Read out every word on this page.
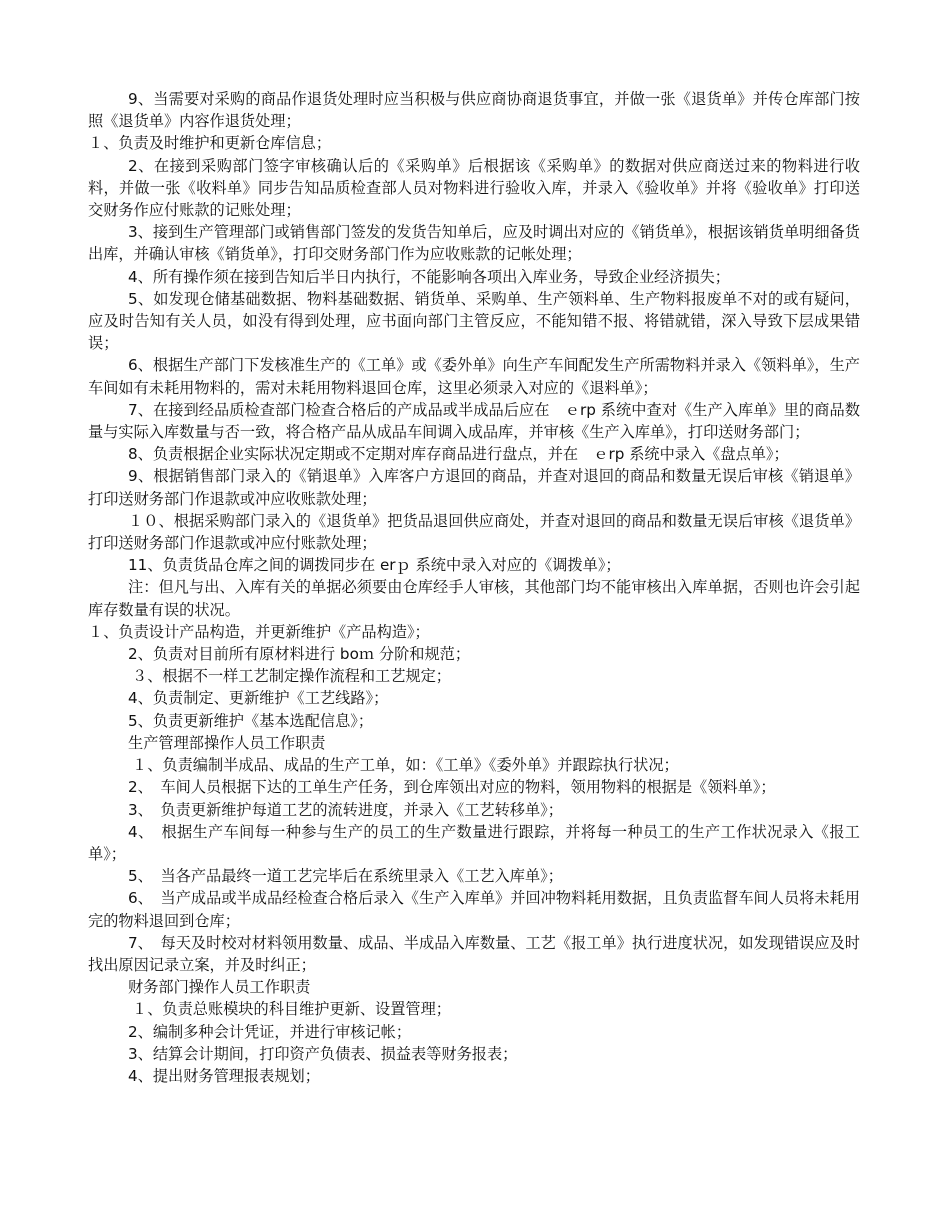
9、当需要对采购的商品作退货处理时应当积极与供应商协商退货事宜，并做一张《退货单》并传仓库部门按照《退货单》内容作退货处理；

１、负责及时维护和更新仓库信息；

2、在接到采购部门签字审核确认后的《采购单》后根据该《采购单》的数据对供应商送过来的物料进行收料，并做一张《收料单》同步告知品质检查部人员对物料进行验收入库，并录入《验收单》并将《验收单》打印送交财务作应付账款的记账处理；

3、接到生产管理部门或销售部门签发的发货告知单后，应及时调出对应的《销货单》，根据该销货单明细备货出库，并确认审核《销货单》，打印交财务部门作为应收账款的记帐处理；

4、所有操作须在接到告知后半日内执行，不能影响各项出入库业务，导致企业经济损失；

5、如发现仓储基础数据、物料基础数据、销货单、采购单、生产领料单、生产物料报废单不对的或有疑问，应及时告知有关人员，如没有得到处理，应书面向部门主管反应，不能知错不报、将错就错，深入导致下层成果错误；

6、根据生产部门下发核准生产的《工单》或《委外单》向生产车间配发生产所需物料并录入《领料单》，生产车间如有未耗用物料的，需对未耗用物料退回仓库，这里必须录入对应的《退料单》；

7、在接到经品质检查部门检查合格后的产成品或半成品后应在　ｅrp 系统中查对《生产入库单》里的商品数量与实际入库数量与否一致，将合格产品从成品车间调入成品库，并审核《生产入库单》，打印送财务部门；

8、负责根据企业实际状况定期或不定期对库存商品进行盘点，并在　ｅrp 系统中录入《盘点单》；

9、根据销售部门录入的《销退单》入库客户方退回的商品，并查对退回的商品和数量无误后审核《销退单》打印送财务部门作退款或冲应收账款处理；

１０、根据采购部门录入的《退货单》把货品退回供应商处，并查对退回的商品和数量无误后审核《退货单》打印送财务部门作退款或冲应付账款处理；

11、负责货品仓库之间的调拨同步在 erｐ 系统中录入对应的《调拨单》；

注：但凡与出、入库有关的单据必须要由仓库经手人审核，其他部门均不能审核出入库单据，否则也许会引起库存数量有误的状况。

１、负责设计产品构造，并更新维护《产品构造》；

2、负责对目前所有原材料进行 boｍ 分阶和规范；

３、根据不一样工艺制定操作流程和工艺规定；

4、负责制定、更新维护《工艺线路》；

5、负责更新维护《基本选配信息》；

生产管理部操作人员工作职责

１、负责编制半成品、成品的生产工单，如：《工单》《委外单》并跟踪执行状况；

2、　车间人员根据下达的工单生产任务，到仓库领出对应的物料，领用物料的根据是《领料单》；

3、　负责更新维护每道工艺的流转进度，并录入《工艺转移单》；

4、　根据生产车间每一种参与生产的员工的生产数量进行跟踪，并将每一种员工的生产工作状况录入《报工单》；

5、　当各产品最终一道工艺完毕后在系统里录入《工艺入库单》；

6、　当产成品或半成品经检查合格后录入《生产入库单》并回冲物料耗用数据，且负责监督车间人员将未耗用完的物料退回到仓库；

7、　每天及时校对材料领用数量、成品、半成品入库数量、工艺《报工单》执行进度状况，如发现错误应及时找出原因记录立案，并及时纠正；

财务部门操作人员工作职责

１、负责总账模块的科目维护更新、设置管理；

2、编制多种会计凭证，并进行审核记帐；

3、结算会计期间，打印资产负债表、损益表等财务报表；

4、提出财务管理报表规划；
